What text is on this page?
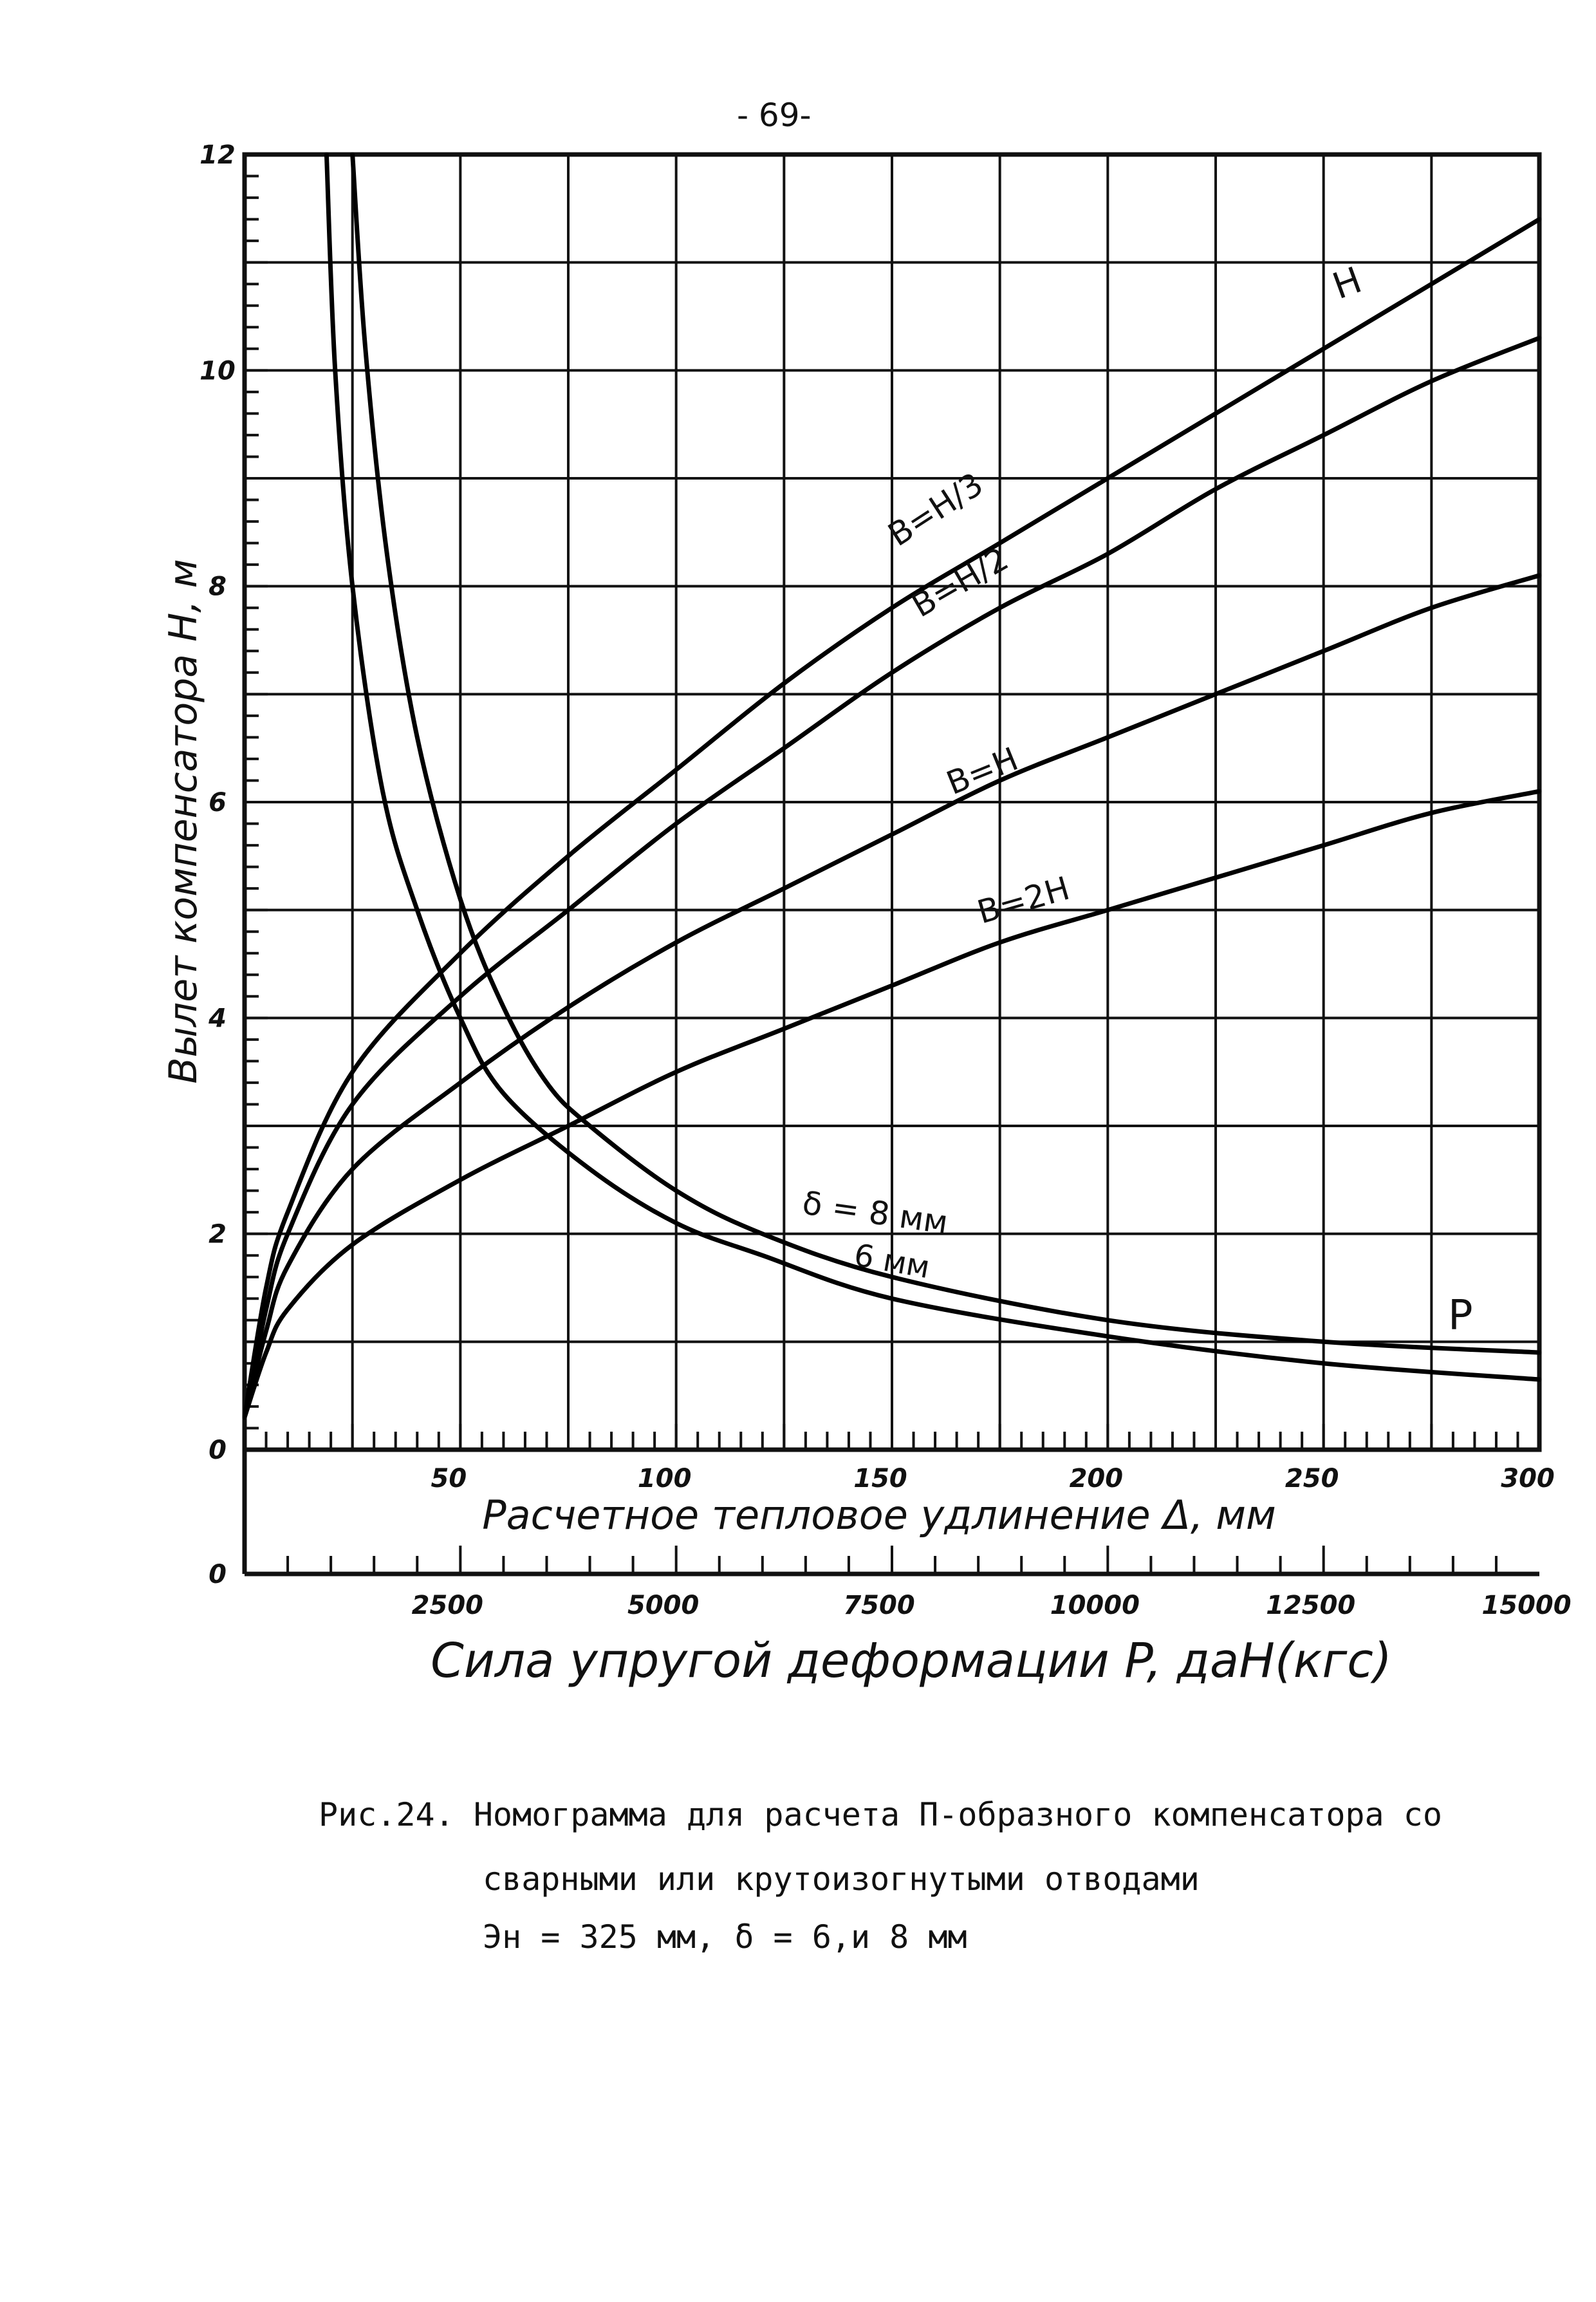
- 69-
0
2
4
6
8
10
12
50	100	150	200	250	300
0
2500	5000	7500	10000	12500	15000
Вылет компенсатора H, м
Расчетное тепловое удлинение Δ, мм
Сила упругой деформации P, даН(кгс)
H
В=Н/3
В=Н/2
В=Н
В=2Н
δ = 8 мм
6 мм
P
Рис.24. Номограмма для расчета П-образного компенсатора со
сварными или крутоизогнутыми отводами
Эн = 325 мм, δ = 6,и 8 мм
